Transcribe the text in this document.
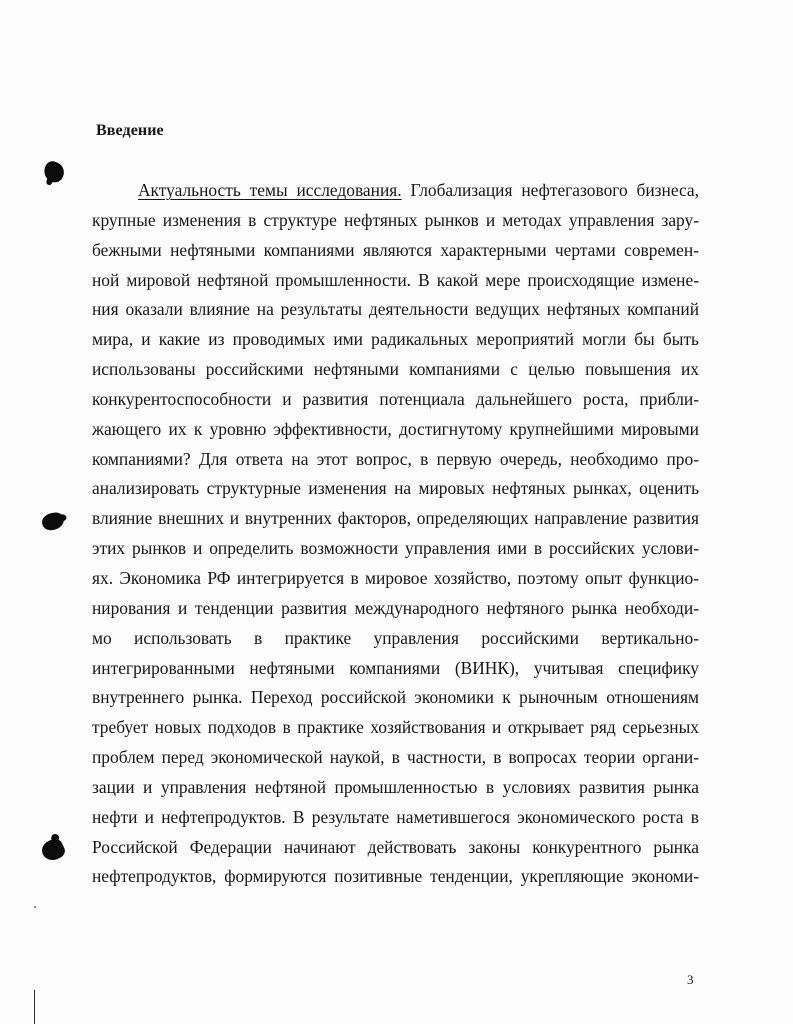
Введение
Актуальность темы исследования. Глобализация нефтегазового бизнеса,
крупные изменения в структуре нефтяных рынков и методах управления зару-
бежными нефтяными компаниями являются характерными чертами современ-
ной мировой нефтяной промышленности. В какой мере происходящие измене-
ния оказали влияние на результаты деятельности ведущих нефтяных компаний
мира, и какие из проводимых ими радикальных мероприятий могли бы быть
использованы российскими нефтяными компаниями с целью повышения их
конкурентоспособности и развития потенциала дальнейшего роста, прибли-
жающего их к уровню эффективности, достигнутому крупнейшими мировыми
компаниями? Для ответа на этот вопрос, в первую очередь, необходимо про-
анализировать структурные изменения на мировых нефтяных рынках, оценить
влияние внешних и внутренних факторов, определяющих направление развития
этих рынков и определить возможности управления ими в российских услови-
ях. Экономика РФ интегрируется в мировое хозяйство, поэтому опыт функцио-
нирования и тенденции развития международного нефтяного рынка необходи-
мо использовать в практике управления российскими вертикально-
интегрированными нефтяными компаниями (ВИНК), учитывая специфику
внутреннего рынка. Переход российской экономики к рыночным отношениям
требует новых подходов в практике хозяйствования и открывает ряд серьезных
проблем перед экономической наукой, в частности, в вопросах теории органи-
зации и управления нефтяной промышленностью в условиях развития рынка
нефти и нефтепродуктов. В результате наметившегося экономического роста в
Российской Федерации начинают действовать законы конкурентного рынка
нефтепродуктов, формируются позитивные тенденции, укрепляющие экономи-
3
